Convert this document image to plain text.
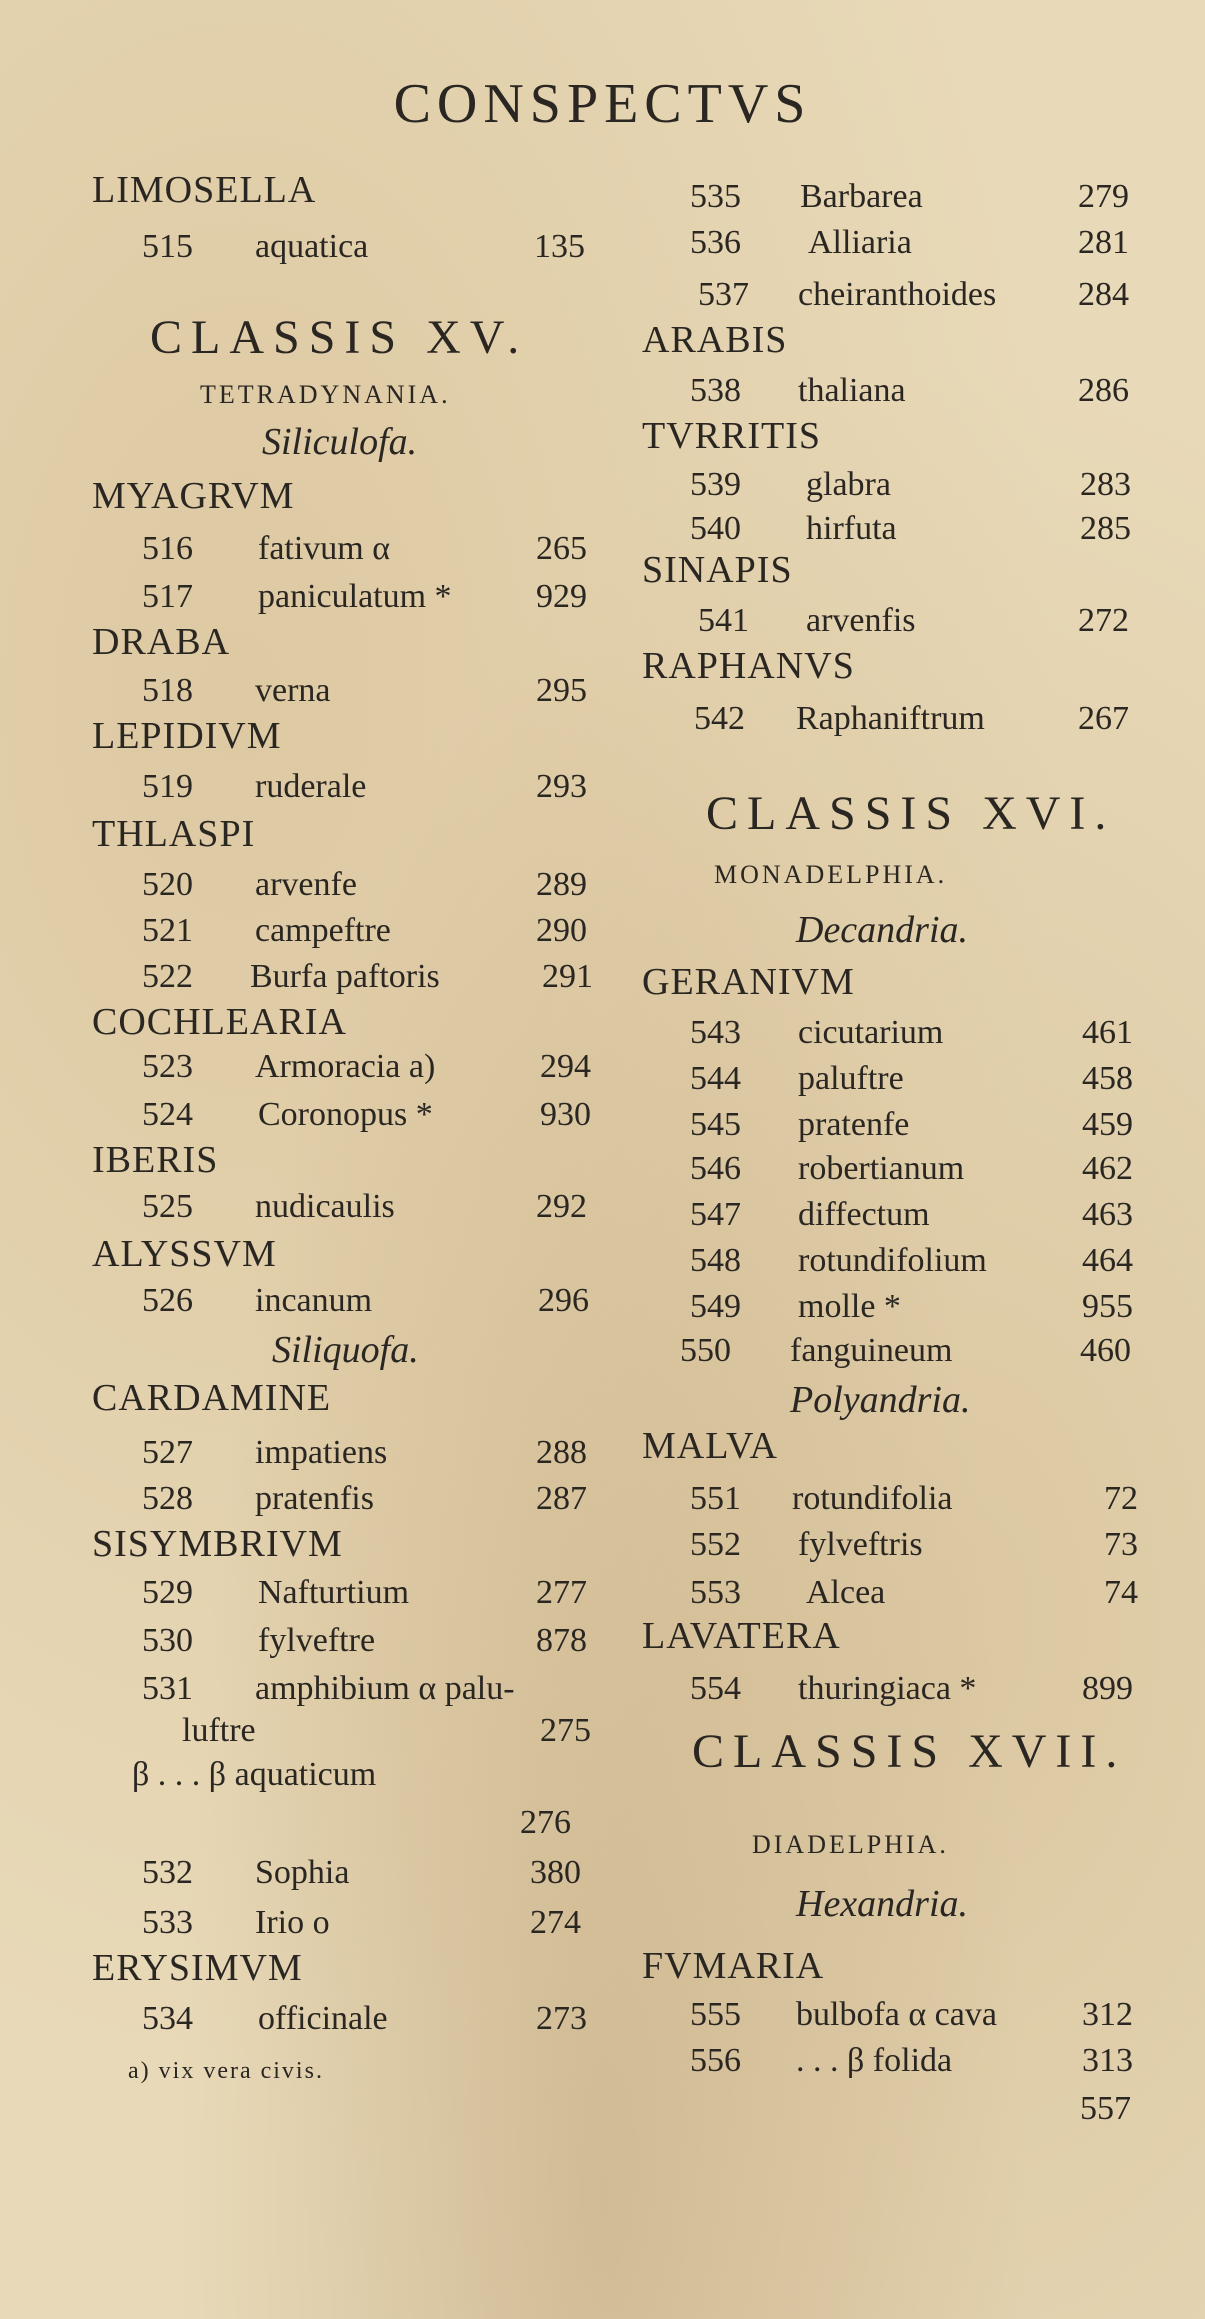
CONSPECTVS
LIMOSELLA
515 aquatica	135
CLASSIS XV.
TETRADYNANIA.
Siliculofa.
MYAGRVM
516 fativum α	265
517 paniculatum * 929
DRABA
518 verna	295
LEPIDIVM
519 ruderale	293
THLASPI
520 arvenfe	289
521 campeftre	290
522 Burfa paftoris	291
COCHLEARIA
523 Armoracia a)	294
524 Coronopus *	930
IBERIS
525 nudicaulis	292
ALYSSVM
526 incanum	296
Siliquofa.
CARDAMINE
527 impatiens	288
528 pratenfis	287
SISYMBRIVM
529 Nafturtium	277
530 fylveftre	878
531 amphibium α palu-
luftre	275
β . . . β aquaticum
276
532 Sophia	380
533 Irio ο	274
ERYSIMVM
534 officinale	273
a) vix vera civis.
535 Barbarea	279
536 Alliaria	281
537 cheiranthoides 284
ARABIS
538 thaliana	286
TVRRITIS
539 glabra	283
540 hirfuta	285
SINAPIS
541 arvenfis	272
RAPHANVS
542 Raphaniftrum	267
CLASSIS XVI.
MONADELPHIA.
Decandria.
GERANIVM
543 cicutarium	461
544 paluftre	458
545 pratenfe	459
546 robertianum	462
547 diffectum	463
548 rotundifolium	464
549 molle *	955
550 fanguineum	460
Polyandria.
MALVA
551 rotundifolia	72
552 fylveftris	73
553 Alcea	74
LAVATERA
554 thuringiaca *	899
CLASSIS XVII.
DIADELPHIA.
Hexandria.
FVMARIA
555 bulbofa α cava	312
556 . . . β folida	313
557
